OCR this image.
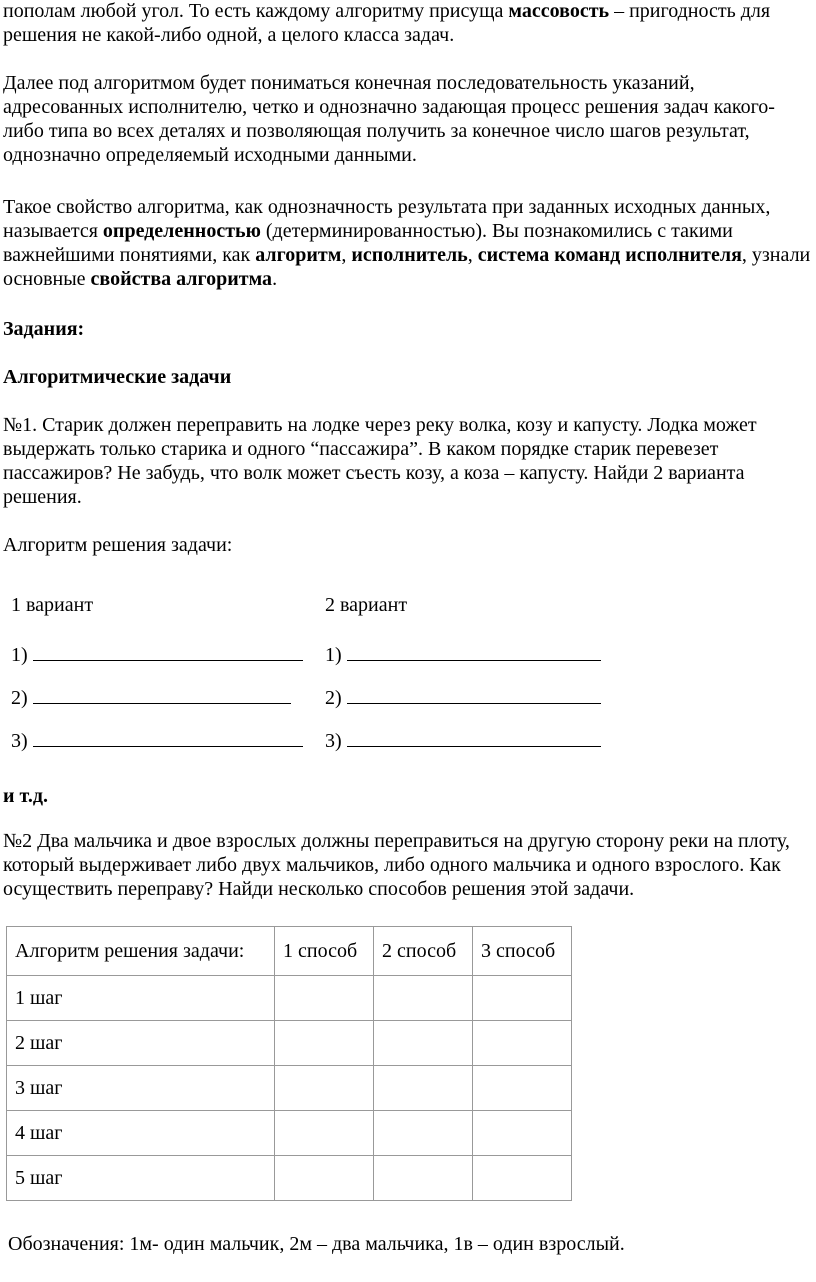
пополам любой угол. То есть каждому алгоритму присуща массовость – пригодность для решения не какой-либо одной, а целого класса задач.

Далее под алгоритмом будет пониматься конечная последовательность указаний, адресованных исполнителю, четко и однозначно задающая процесс решения задач какого-либо типа во всех деталях и позволяющая получить за конечное число шагов результат, однозначно определяемый исходными данными.

Такое свойство алгоритма, как однозначность результата при заданных исходных данных, называется определенностью (детерминированностью). Вы познакомились с такими важнейшими понятиями, как алгоритм, исполнитель, система команд исполнителя, узнали основные свойства алгоритма.

Задания:

Алгоритмические задачи

№1. Старик должен переправить на лодке через реку волка, козу и капусту. Лодка может выдержать только старика и одного “пассажира”. В каком порядке старик перевезет пассажиров? Не забудь, что волк может съесть козу, а коза – капусту. Найди 2 варианта решения.

Алгоритм решения задачи:

1 вариант	2 вариант
1)	1)
2)	2)
3)	3)

и т.д.

№2 Два мальчика и двое взрослых должны переправиться на другую сторону реки на плоту, который выдерживает либо двух мальчиков, либо одного мальчика и одного взрослого. Как осуществить переправу? Найди несколько способов решения этой задачи.

Алгоритм решения задачи:	1 способ	2 способ	3 способ
1 шаг			
2 шаг			
3 шаг			
4 шаг			
5 шаг			

Обозначения: 1м- один мальчик, 2м – два мальчика, 1в – один взрослый.
